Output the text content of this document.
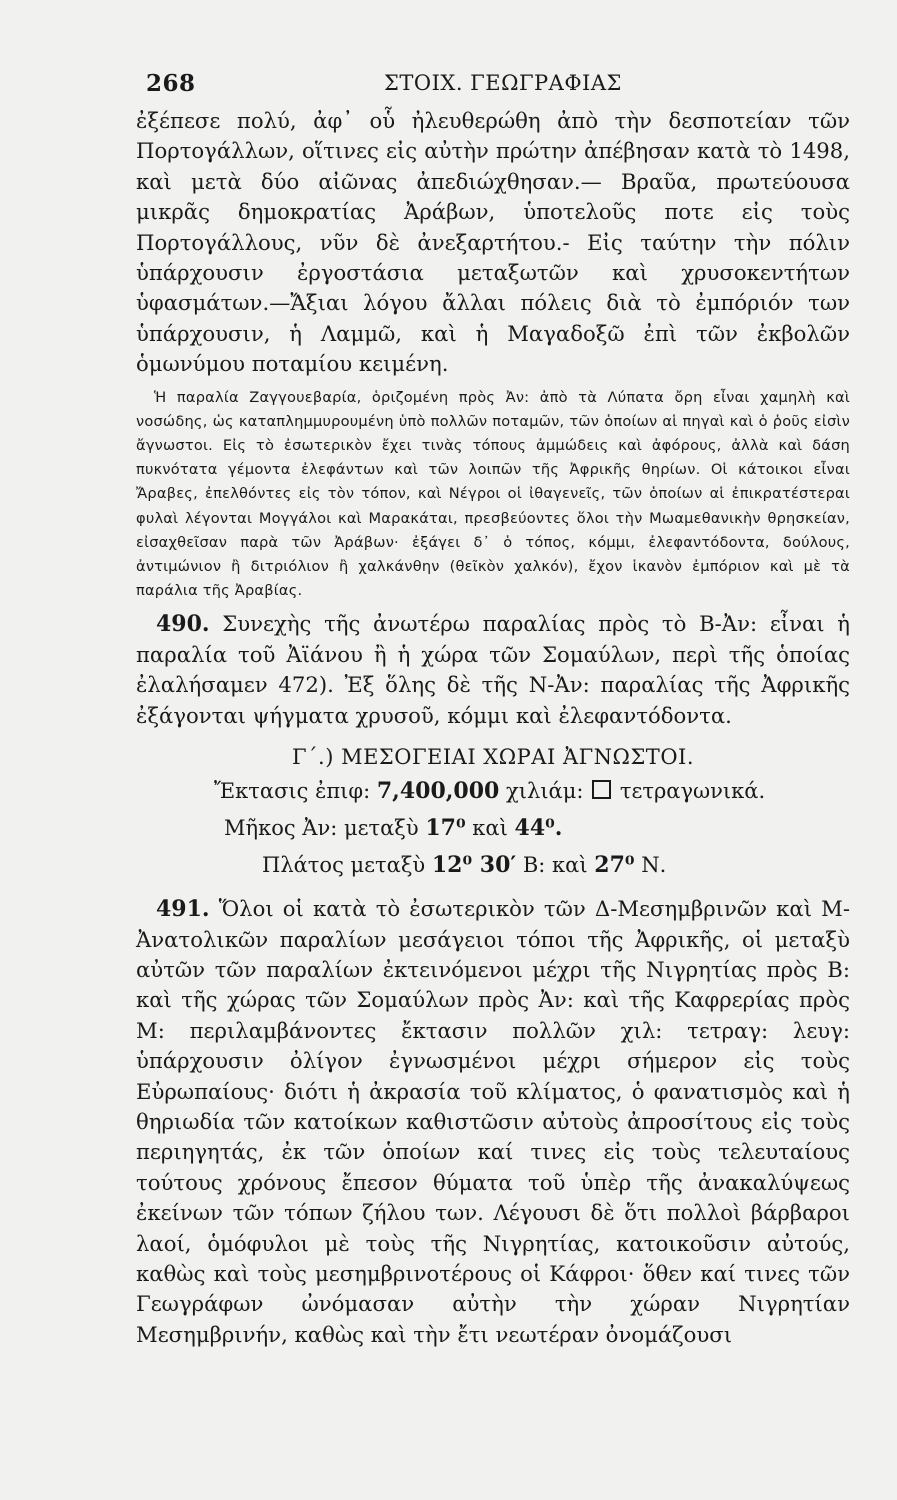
268	ΣΤΟΙΧ. ΓΕΩΓΡΑΦΙΑΣ

ἐξέπεσε πολύ, ἀφ᾽ οὗ ἠλευθερώθη ἀπὸ τὴν δεσποτείαν τῶν Πορτογάλλων, οἵτινες εἰς αὐτὴν πρώτην ἀπέβησαν κατὰ τὸ 1498, καὶ μετὰ δύο αἰῶνας ἀπεδιώχθησαν.— Βραῦα, πρωτεύουσα μικρᾶς δημοκρατίας Ἀράβων, ὑποτελοῦς ποτε εἰς τοὺς Πορτογάλλους, νῦν δὲ ἀνεξαρτήτου.- Εἰς ταύτην τὴν πόλιν ὑπάρχουσιν ἐργοστάσια μεταξωτῶν καὶ χρυσοκεντήτων ὑφασμάτων.—Ἄξιαι λόγου ἄλλαι πόλεις διὰ τὸ ἐμπόριόν των ὑπάρχουσιν, ἡ Λαμμῶ, καὶ ἡ Μαγαδοξῶ ἐπὶ τῶν ἐκβολῶν ὁμωνύμου ποταμίου κειμένη.

Ἡ παραλία Ζαγγουεβαρία, ὁριζομένη πρὸς Ἀν: ἀπὸ τὰ Λύπατα ὄρη εἶναι χαμηλὴ καὶ νοσώδης, ὡς καταπλημμυρουμένη ὑπὸ πολλῶν ποταμῶν, τῶν ὁποίων αἱ πηγαὶ καὶ ὁ ῥοῦς εἰσὶν ἄγνωστοι. Εἰς τὸ ἐσωτερικὸν ἔχει τινὰς τόπους ἀμμώδεις καὶ ἀφόρους, ἀλλὰ καὶ δάση πυκνότατα γέμοντα ἐλεφάντων καὶ τῶν λοιπῶν τῆς Ἀφρικῆς θηρίων. Οἱ κάτοικοι εἶναι Ἄραβες, ἐπελθόντες εἰς τὸν τόπον, καὶ Νέγροι οἱ ἰθαγενεῖς, τῶν ὁποίων αἱ ἐπικρατέστεραι φυλαὶ λέγονται Μογγάλοι καὶ Μαρακάται, πρεσβεύοντες ὅλοι τὴν Μωαμεθανικὴν θρησκείαν, εἰσαχθεῖσαν παρὰ τῶν Ἀράβων· ἐξάγει δ᾽ ὁ τόπος, κόμμι, ἐλεφαντόδοντα, δούλους, ἀντιμώνιον ἢ διτριόλιον ἢ χαλκάνθην (θεῖκὸν χαλκόν), ἔχον ἱκανὸν ἐμπόριον καὶ μὲ τὰ παράλια τῆς Ἀραβίας.

490. Συνεχὴς τῆς ἀνωτέρω παραλίας πρὸς τὸ Β-Ἀν: εἶναι ἡ παραλία τοῦ Ἀϊάνου ἢ ἡ χώρα τῶν Σομαύλων, περὶ τῆς ὁποίας ἐλαλήσαμεν 472). Ἐξ ὅλης δὲ τῆς Ν-Ἀν: παραλίας τῆς Ἀφρικῆς ἐξάγονται ψήγματα χρυσοῦ, κόμμι καὶ ἐλεφαντόδοντα.

Γ΄.) ΜΕΣΟΓΕΙΑΙ ΧΩΡΑΙ ἈΓΝΩΣΤΟΙ.
Ἔκτασις ἐπιφ: 7,400,000 χιλιάμ: τετραγωνικά.
Μῆκος Ἀν: μεταξὺ 17⁰ καὶ 44⁰.
Πλάτος μεταξὺ 12⁰ 30′ Β: καὶ 27⁰ Ν.

491. Ὅλοι οἱ κατὰ τὸ ἐσωτερικὸν τῶν Δ-Μεσημβρινῶν καὶ Μ-Ἀνατολικῶν παραλίων μεσάγειοι τόποι τῆς Ἀφρικῆς, οἱ μεταξὺ αὐτῶν τῶν παραλίων ἐκτεινόμενοι μέχρι τῆς Νιγρητίας πρὸς Β: καὶ τῆς χώρας τῶν Σομαύλων πρὸς Ἀν: καὶ τῆς Καφρερίας πρὸς Μ: περιλαμβάνοντες ἔκτασιν πολλῶν χιλ: τετραγ: λευγ: ὑπάρχουσιν ὀλίγον ἐγνωσμένοι μέχρι σήμερον εἰς τοὺς Εὐρωπαίους· διότι ἡ ἀκρασία τοῦ κλίματος, ὁ φανατισμὸς καὶ ἡ θηριωδία τῶν κατοίκων καθιστῶσιν αὐτοὺς ἀπροσίτους εἰς τοὺς περιηγητάς, ἐκ τῶν ὁποίων καί τινες εἰς τοὺς τελευταίους τούτους χρόνους ἔπεσον θύματα τοῦ ὑπὲρ τῆς ἀνακαλύψεως ἐκείνων τῶν τόπων ζήλου των. Λέγουσι δὲ ὅτι πολλοὶ βάρβαροι λαοί, ὁμόφυλοι μὲ τοὺς τῆς Νιγρητίας, κατοικοῦσιν αὐτούς, καθὼς καὶ τοὺς μεσημβρινοτέρους οἱ Κάφροι· ὅθεν καί τινες τῶν Γεωγράφων ὠνόμασαν αὐτὴν τὴν χώραν Νιγρητίαν Μεσημβρινήν, καθὼς καὶ τὴν ἔτι νεωτέραν ὀνομάζουσι
